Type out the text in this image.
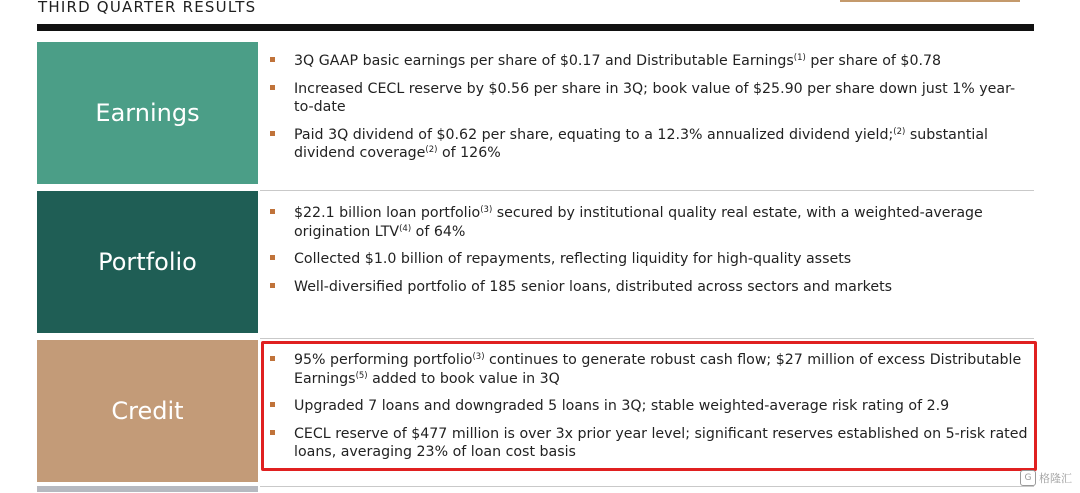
THIRD QUARTER RESULTS
Earnings
3Q GAAP basic earnings per share of $0.17 and Distributable Earnings$^{(1)}$ per share of $0.78
Increased CECL reserve by $0.56 per share in 3Q; book value of $25.90 per share down just 1% year-to-date
Paid 3Q dividend of $0.62 per share, equating to a 12.3% annualized dividend yield;$^{(2)}$ substantial dividend coverage$^{(2)}$ of 126%
Portfolio
$22.1 billion loan portfolio$^{(3)}$ secured by institutional quality real estate, with a weighted-average origination LTV$^{(4)}$ of 64%
Collected $1.0 billion of repayments, reflecting liquidity for high-quality assets
Well-diversified portfolio of 185 senior loans, distributed across sectors and markets
Credit
95% performing portfolio$^{(3)}$ continues to generate robust cash flow; $27 million of excess Distributable Earnings$^{(5)}$ added to book value in 3Q
Upgraded 7 loans and downgraded 5 loans in 3Q; stable weighted-average risk rating of 2.9
CECL reserve of $477 million is over 3x prior year level; significant reserves established on 5-risk rated loans, averaging 23% of loan cost basis
G 格隆汇
